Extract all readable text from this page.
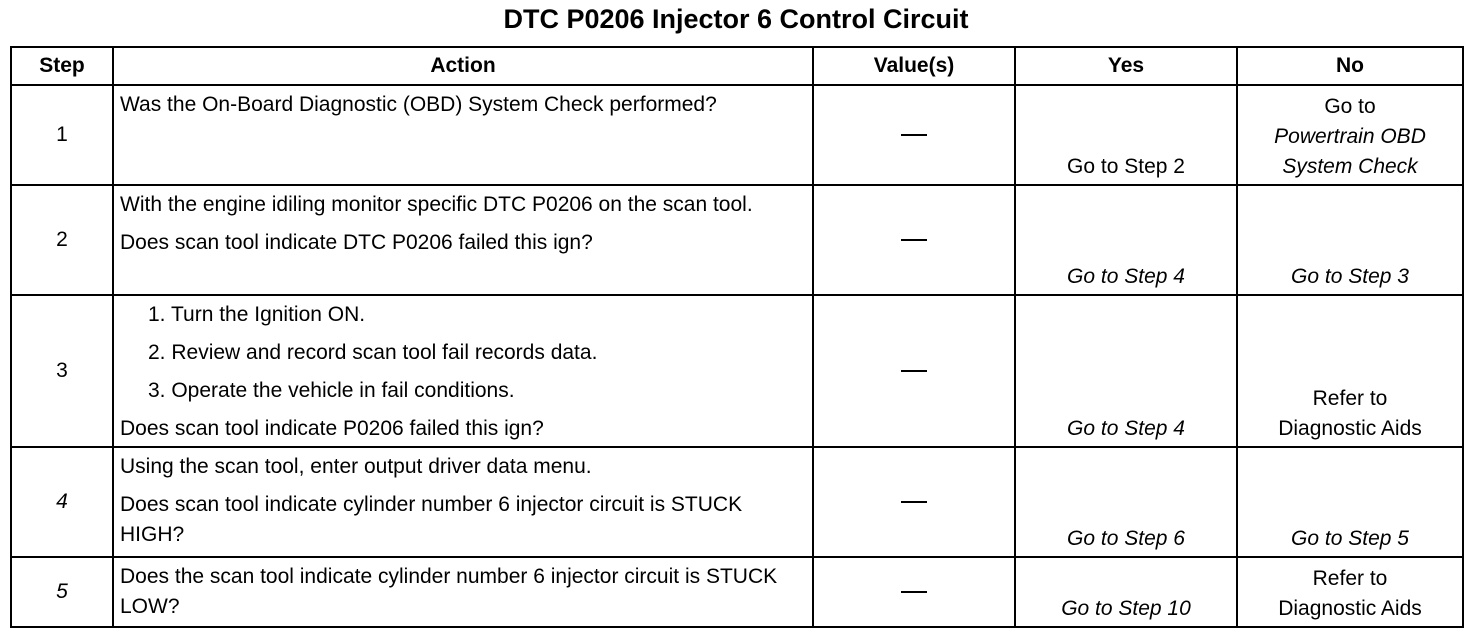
DTC P0206 Injector 6 Control Circuit
Step	Action	Value(s)	Yes	No
1	Was the On-Board Diagnostic (OBD) System Check performed?		Go to Step 2	Go to
Powertrain OBD System Check

2	With the engine idiling monitor specific DTC P0206 on the scan tool.
Does scan tool indicate DTC P0206 failed this ign?		Go to Step 4	Go to Step 3
3	1. Turn the Ignition ON.
2. Review and record scan tool fail records data.
3. Operate the vehicle in fail conditions.
Does scan tool indicate P0206 failed this ign?		Go to Step 4	Refer to
Diagnostic Aids

4	Using the scan tool, enter output driver data menu.
Does scan tool indicate cylinder number 6 injector circuit is STUCK HIGH?		Go to Step 6	Go to Step 5
5	Does the scan tool indicate cylinder number 6 injector circuit is STUCK LOW?		Go to Step 10	Refer to
Diagnostic Aids
